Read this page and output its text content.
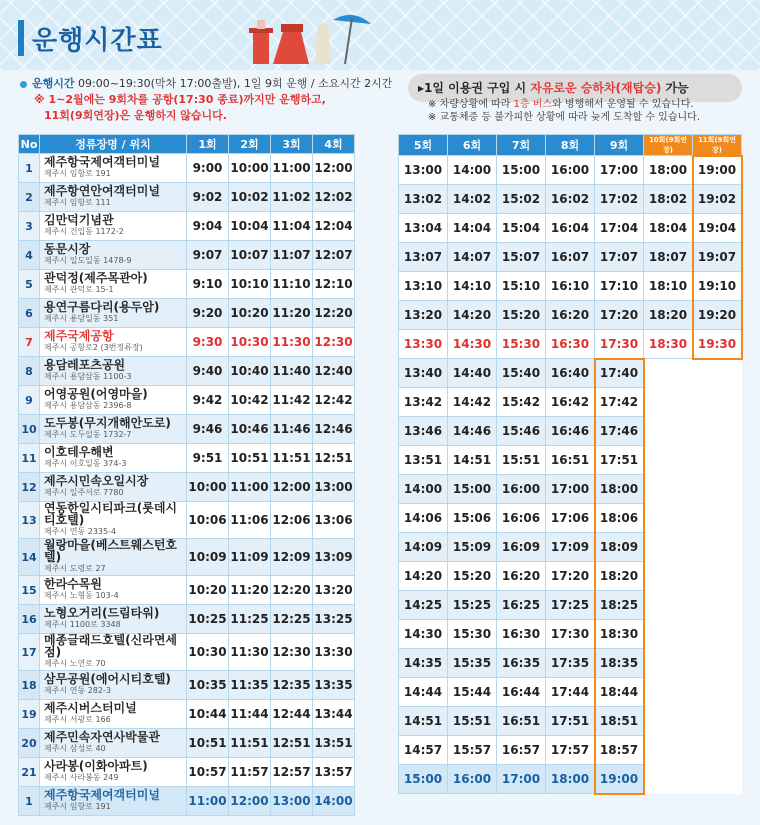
운행시간표
운행시간 09:00~19:30(막차 17:00출발), 1일 9회 운행 / 소요시간 2시간
※ 1~2월에는 9회차를 공항(17:30 종료)까지만 운행하고,
11회(9회연장)은 운행하지 않습니다.
▸1일 이용권 구입 시 자유로운 승하차(재탑승) 가능
※ 차량상황에 따라 1층 버스와 병행해서 운영될 수 있습니다.
※ 교통체증 등 불가피한 상황에 따라 늦게 도착할 수 있습니다.
No	정류장명 / 위치	1회	2회	3회	4회
1	제주항국제여객터미널
제주시 임항로 191	9:00	10:00	11:00	12:00
2	제주항연안여객터미널
제주시 임항로 111	9:02	10:02	11:02	12:02
3	김만덕기념관
제주시 건입동 1172-2	9:04	10:04	11:04	12:04
4	동문시장
제주시 일도일동 1478-9	9:07	10:07	11:07	12:07
5	관덕정(제주목관아)
제주시 관덕로 15-1	9:10	10:10	11:10	12:10
6	용연구름다리(용두암)
제주시 용담일동 351	9:20	10:20	11:20	12:20
7	제주국제공항
제주시 공항로2 (3번정류장)	9:30	10:30	11:30	12:30
8	용담레포츠공원
제주시 용담삼동 1100-3	9:40	10:40	11:40	12:40
9	어영공원(어영마을)
제주시 용담삼동 2396-8	9:42	10:42	11:42	12:42
10	도두봉(무지개해안도로)
제주시 도두일동 1732-7	9:46	10:46	11:46	12:46
11	이호테우해변
제주시 이호일동 374-3	9:51	10:51	11:51	12:51
12	제주시민속오일시장
제주시 일주서로 7780	10:00	11:00	12:00	13:00
13	연동한일시티파크(롯데시티호텔)
제주시 연동 2335-4	10:06	11:06	12:06	13:06
14	월랑마을(베스트웨스턴호텔)
제주시 도령로 27	10:09	11:09	12:09	13:09
15	한라수목원
제주시 노형동 103-4	10:20	11:20	12:20	13:20
16	노형오거리(드림타워)
제주시 1100로 3348	10:25	11:25	12:25	13:25
17	메종글래드호텔(신라면세점)
제주시 노연로 70	10:30	11:30	12:30	13:30
18	삼무공원(에어시티호텔)
제주시 연동 282-3	10:35	11:35	12:35	13:35
19	제주시버스터미널
제주시 서광로 166	10:44	11:44	12:44	13:44
20	제주민속자연사박물관
제주시 삼성로 40	10:51	11:51	12:51	13:51
21	사라봉(이화아파트)
제주시 사라봉동 249	10:57	11:57	12:57	13:57
1	제주항국제여객터미널
제주시 임항로 191	11:00	12:00	13:00	14:00
5회	6회	7회	8회	9회	10회(9회연장)	11회(9회연장)
13:00	14:00	15:00	16:00	17:00	18:00	19:00
13:02	14:02	15:02	16:02	17:02	18:02	19:02
13:04	14:04	15:04	16:04	17:04	18:04	19:04
13:07	14:07	15:07	16:07	17:07	18:07	19:07
13:10	14:10	15:10	16:10	17:10	18:10	19:10
13:20	14:20	15:20	16:20	17:20	18:20	19:20
13:30	14:30	15:30	16:30	17:30	18:30	19:30
13:40	14:40	15:40	16:40	17:40		
13:42	14:42	15:42	16:42	17:42		
13:46	14:46	15:46	16:46	17:46		
13:51	14:51	15:51	16:51	17:51		
14:00	15:00	16:00	17:00	18:00		
14:06	15:06	16:06	17:06	18:06		
14:09	15:09	16:09	17:09	18:09		
14:20	15:20	16:20	17:20	18:20		
14:25	15:25	16:25	17:25	18:25		
14:30	15:30	16:30	17:30	18:30		
14:35	15:35	16:35	17:35	18:35		
14:44	15:44	16:44	17:44	18:44		
14:51	15:51	16:51	17:51	18:51		
14:57	15:57	16:57	17:57	18:57		
15:00	16:00	17:00	18:00	19:00		
